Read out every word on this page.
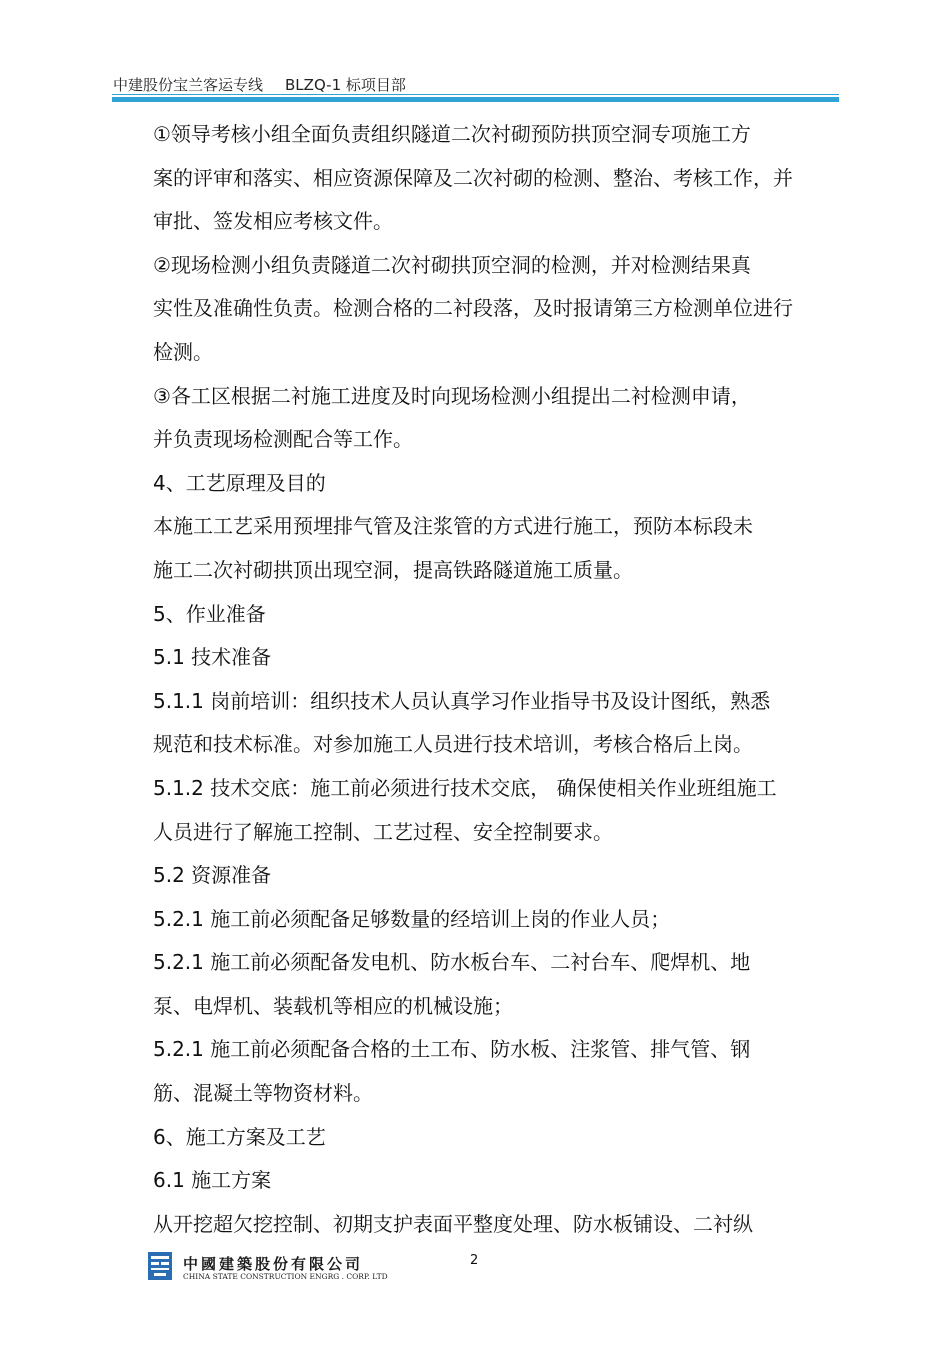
中建股份宝兰客运专线 BLZQ-1 标项目部

①领导考核小组全面负责组织隧道二次衬砌预防拱顶空洞专项施工方
案的评审和落实、相应资源保障及二次衬砌的检测、整治、考核工作，并
审批、签发相应考核文件。

②现场检测小组负责隧道二次衬砌拱顶空洞的检测，并对检测结果真
实性及准确性负责。检测合格的二衬段落，及时报请第三方检测单位进行
检测。

③各工区根据二衬施工进度及时向现场检测小组提出二衬检测申请，
并负责现场检测配合等工作。

4、工艺原理及目的

本施工工艺采用预埋排气管及注浆管的方式进行施工，预防本标段未
施工二次衬砌拱顶出现空洞，提高铁路隧道施工质量。

5、作业准备

5.1 技术准备

5.1.1 岗前培训：组织技术人员认真学习作业指导书及设计图纸，熟悉
规范和技术标准。对参加施工人员进行技术培训，考核合格后上岗。

5.1.2 技术交底：施工前必须进行技术交底， 确保使相关作业班组施工
人员进行了解施工控制、工艺过程、安全控制要求。

5.2 资源准备

5.2.1 施工前必须配备足够数量的经培训上岗的作业人员；

5.2.1 施工前必须配备发电机、防水板台车、二衬台车、爬焊机、地
泵、电焊机、装载机等相应的机械设施；

5.2.1 施工前必须配备合格的土工布、防水板、注浆管、排气管、钢
筋、混凝土等物资材料。

6、施工方案及工艺

6.1 施工方案

从开挖超欠挖控制、初期支护表面平整度处理、防水板铺设、二衬纵

中國建築股份有限公司
CHINA STATE CONSTRUCTION ENGRG . CORP. LTD
2
